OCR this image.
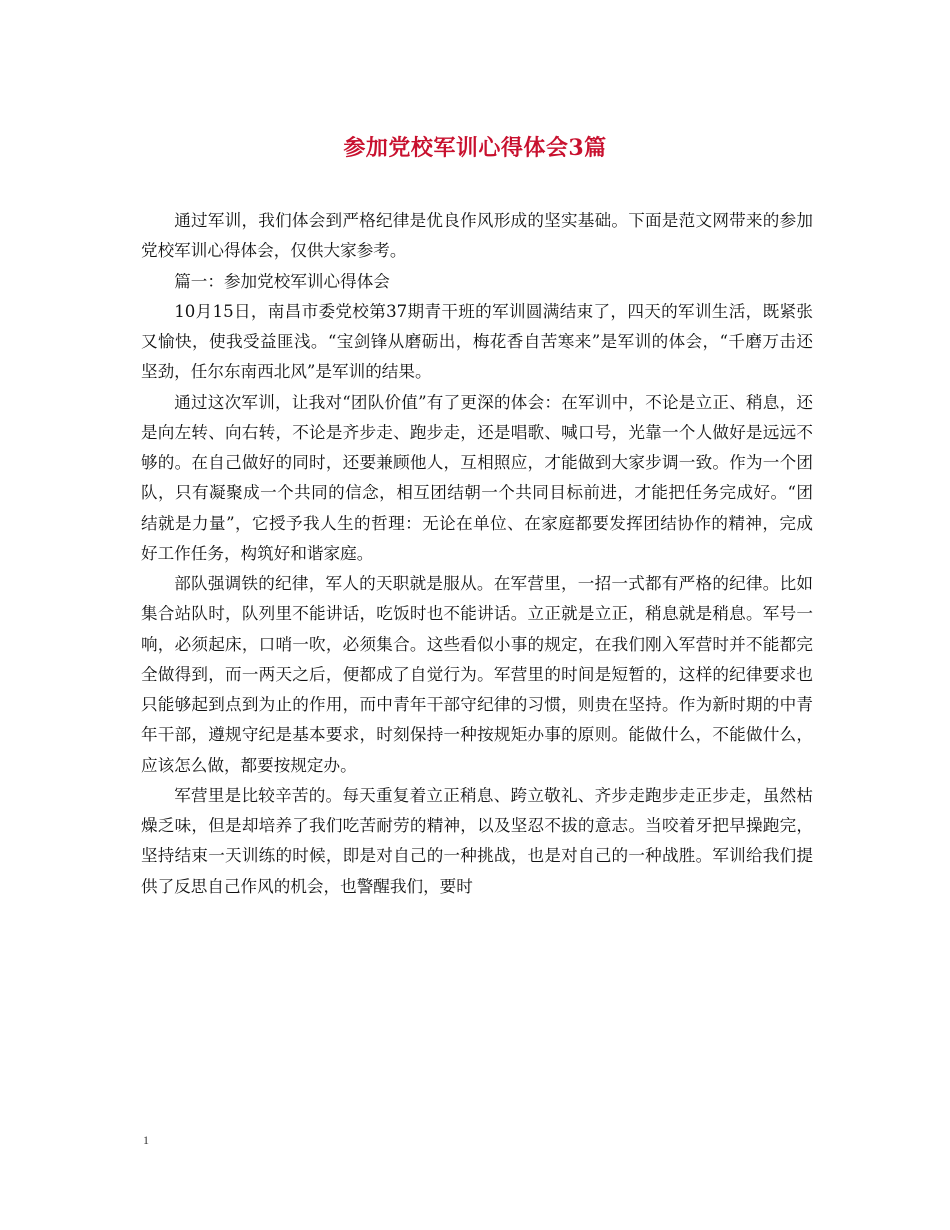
参加党校军训心得体会3篇

通过军训，我们体会到严格纪律是优良作风形成的坚实基础。下面是范文网带来的参加党校军训心得体会，仅供大家参考。

篇一：参加党校军训心得体会

10月15日，南昌市委党校第37期青干班的军训圆满结束了，四天的军训生活，既紧张又愉快，使我受益匪浅。“宝剑锋从磨砺出，梅花香自苦寒来”是军训的体会，“千磨万击还坚劲，任尔东南西北风”是军训的结果。

通过这次军训，让我对“团队价值”有了更深的体会：在军训中，不论是立正、稍息，还是向左转、向右转，不论是齐步走、跑步走，还是唱歌、喊口号，光靠一个人做好是远远不够的。在自己做好的同时，还要兼顾他人，互相照应，才能做到大家步调一致。作为一个团队，只有凝聚成一个共同的信念，相互团结朝一个共同目标前进，才能把任务完成好。“团结就是力量”，它授予我人生的哲理：无论在单位、在家庭都要发挥团结协作的精神，完成好工作任务，构筑好和谐家庭。

部队强调铁的纪律，军人的天职就是服从。在军营里，一招一式都有严格的纪律。比如集合站队时，队列里不能讲话，吃饭时也不能讲话。立正就是立正，稍息就是稍息。军号一响，必须起床，口哨一吹，必须集合。这些看似小事的规定，在我们刚入军营时并不能都完全做得到，而一两天之后，便都成了自觉行为。军营里的时间是短暂的，这样的纪律要求也只能够起到点到为止的作用，而中青年干部守纪律的习惯，则贵在坚持。作为新时期的中青年干部，遵规守纪是基本要求，时刻保持一种按规矩办事的原则。能做什么，不能做什么，应该怎么做，都要按规定办。

军营里是比较辛苦的。每天重复着立正稍息、跨立敬礼、齐步走跑步走正步走，虽然枯燥乏味，但是却培养了我们吃苦耐劳的精神，以及坚忍不拔的意志。当咬着牙把早操跑完，坚持结束一天训练的时候，即是对自己的一种挑战，也是对自己的一种战胜。军训给我们提供了反思自己作风的机会，也警醒我们，要时

1
